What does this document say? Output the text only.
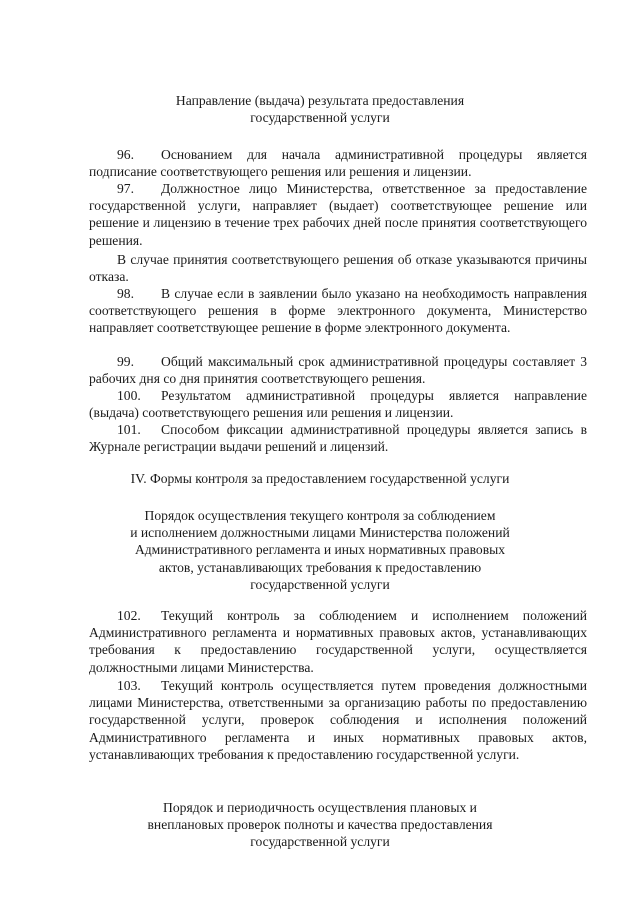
Направление (выдача) результата предоставления
государственной услуги
96. Основанием для начала административной процедуры является подписание соответствующего решения или решения и лицензии.
97. Должностное лицо Министерства, ответственное за предоставление государственной услуги, направляет (выдает) соответствующее решение или решение и лицензию в течение трех рабочих дней после принятия соответствующего решения.
В случае принятия соответствующего решения об отказе указываются причины отказа.
98. В случае если в заявлении было указано на необходимость направления соответствующего решения в форме электронного документа, Министерство направляет соответствующее решение в форме электронного документа.
99. Общий максимальный срок административной процедуры составляет 3 рабочих дня со дня принятия соответствующего решения.
100. Результатом административной процедуры является направление (выдача) соответствующего решения или решения и лицензии.
101. Способом фиксации административной процедуры является запись в Журнале регистрации выдачи решений и лицензий.
IV. Формы контроля за предоставлением государственной услуги
Порядок осуществления текущего контроля за соблюдением
и исполнением должностными лицами Министерства положений
Административного регламента и иных нормативных правовых
актов, устанавливающих требования к предоставлению
государственной услуги
102. Текущий контроль за соблюдением и исполнением положений Административного регламента и нормативных правовых актов, устанавливающих требования к предоставлению государственной услуги, осуществляется должностными лицами Министерства.
103. Текущий контроль осуществляется путем проведения должностными лицами Министерства, ответственными за организацию работы по предоставлению государственной услуги, проверок соблюдения и исполнения положений Административного регламента и иных нормативных правовых актов, устанавливающих требования к предоставлению государственной услуги.
Порядок и периодичность осуществления плановых и
внеплановых проверок полноты и качества предоставления
государственной услуги
